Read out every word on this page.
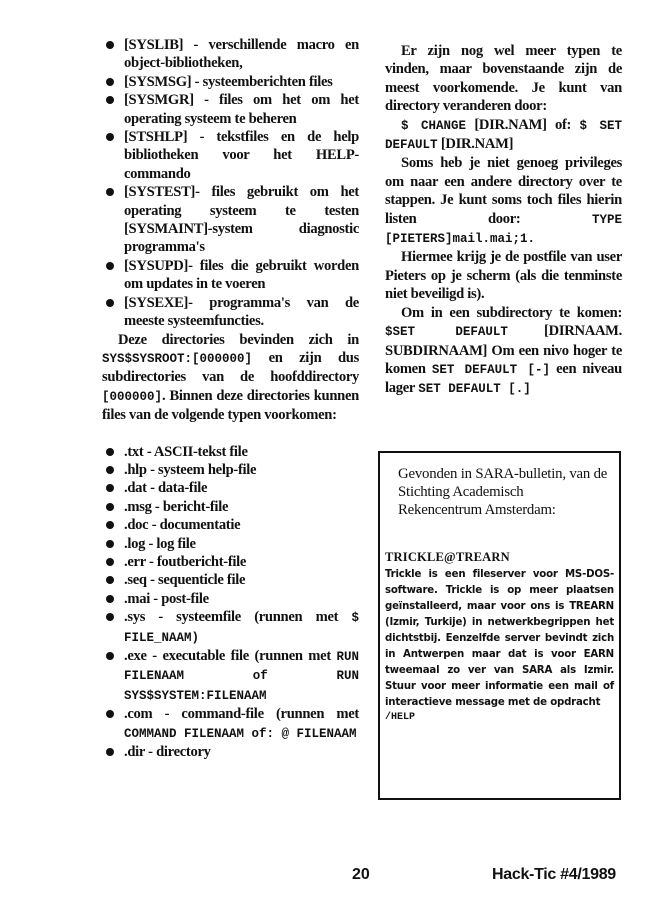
[SYSLIB] - verschillende macro en object-bibliotheken,
[SYSMSG] - systeemberichten files
[SYSMGR] - files om het om het operating systeem te beheren
[STSHLP] - tekstfiles en de help bibliotheken voor het HELP-commando
[SYSTEST]- files gebruikt om het operating systeem te testen [SYSMAINT]-system diagnostic programma's
[SYSUPD]- files die gebruikt worden om updates in te voeren
[SYSEXE]- programma's van de meeste systeemfuncties.

Deze directories bevinden zich in SYS$SYSROOT:[000000] en zijn dus subdirectories van de hoofddirectory [000000]. Binnen deze directories kunnen files van de volgende typen voorkomen:

.txt - ASCII-tekst file
.hlp - systeem help-file
.dat - data-file
.msg - bericht-file
.doc - documentatie
.log - log file
.err - foutbericht-file
.seq - sequenticle file
.mai - post-file
.sys - systeemfile (runnen met $ FILE_NAAM)
.exe - executable file (runnen met RUN FILENAAM of RUN SYS$SYSTEM:FILENAAM
.com - command-file (runnen met COMMAND FILENAAM of: @ FILENAAM
.dir - directory

Er zijn nog wel meer typen te vinden, maar bovenstaande zijn de meest voorkomende. Je kunt van directory veranderen door:

$ CHANGE [DIR.NAM] of: $ SET DEFAULT [DIR.NAM]

Soms heb je niet genoeg privileges om naar een andere directory over te stappen. Je kunt soms toch files hierin listen door: TYPE [PIETERS]mail.mai;1.

Hiermee krijg je de postfile van user Pieters op je scherm (als die tenminste niet beveiligd is).

Om in een subdirectory te komen: $SET DEFAULT [DIRNAAM. SUBDIRNAAM] Om een nivo hoger te komen SET DEFAULT [-] een niveau lager SET DEFAULT [.]

Gevonden in SARA-bulletin, van de Stichting Academisch Rekencentrum Amsterdam:
TRICKLE@TREARN
Trickle is een fileserver voor MS-DOS-software. Trickle is op meer plaatsen geïnstalleerd, maar voor ons is TREARN (Izmir, Turkije) in netwerkbegrippen het dichtstbij. Eenzelfde server bevindt zich in Antwerpen maar dat is voor EARN tweemaal zo ver van SARA als Izmir. Stuur voor meer informatie een mail of interactieve message met de opdracht
/HELP
20	Hack-Tic #4/1989
